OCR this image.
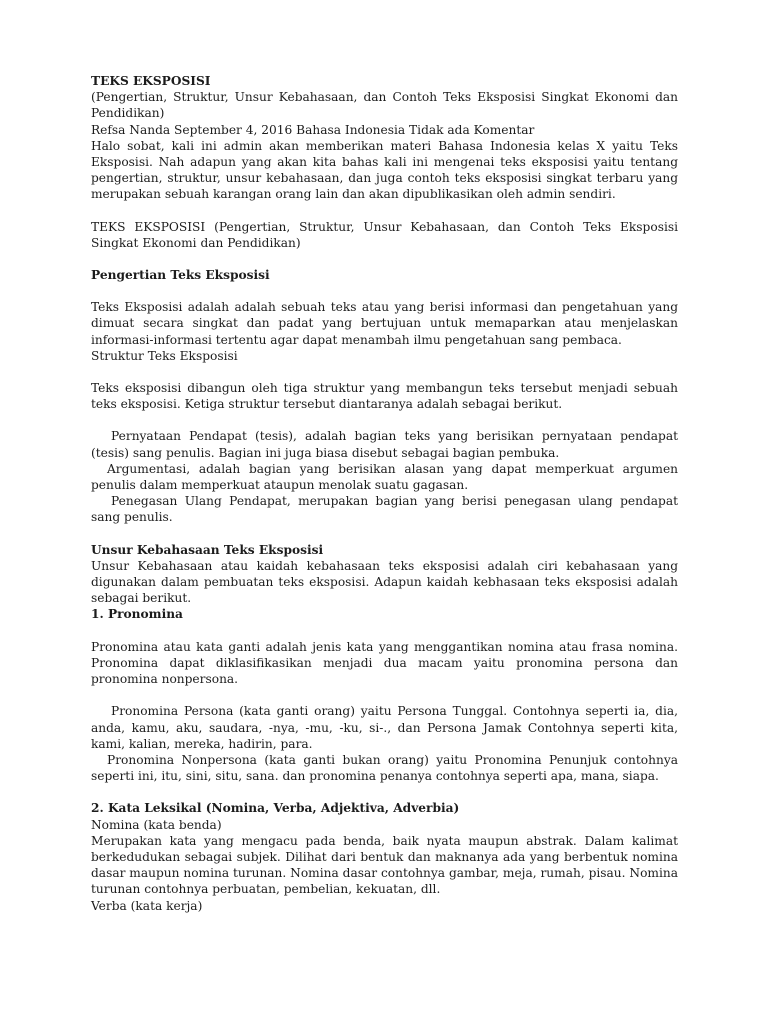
TEKS EKSPOSISI

(Pengertian, Struktur, Unsur Kebahasaan, dan Contoh Teks Eksposisi Singkat Ekonomi dan Pendidikan)

Refsa Nanda September 4, 2016 Bahasa Indonesia Tidak ada Komentar

Halo sobat, kali ini admin akan memberikan materi Bahasa Indonesia kelas X yaitu Teks Eksposisi. Nah adapun yang akan kita bahas kali ini mengenai teks eksposisi yaitu tentang pengertian, struktur, unsur kebahasaan, dan juga contoh teks eksposisi singkat terbaru yang merupakan sebuah karangan orang lain dan akan dipublikasikan oleh admin sendiri.

TEKS EKSPOSISI (Pengertian, Struktur, Unsur Kebahasaan, dan Contoh Teks Eksposisi Singkat Ekonomi dan Pendidikan)

Pengertian Teks Eksposisi

Teks Eksposisi adalah adalah sebuah teks atau yang berisi informasi dan pengetahuan yang dimuat secara singkat dan padat yang bertujuan untuk memaparkan atau menjelaskan informasi-informasi tertentu agar dapat menambah ilmu pengetahuan sang pembaca.

Struktur Teks Eksposisi

Teks eksposisi dibangun oleh tiga struktur yang membangun teks tersebut menjadi sebuah teks eksposisi. Ketiga struktur tersebut diantaranya adalah sebagai berikut.

Pernyataan Pendapat (tesis), adalah bagian teks yang berisikan pernyataan pendapat (tesis) sang penulis. Bagian ini juga biasa disebut sebagai bagian pembuka.

Argumentasi, adalah bagian yang berisikan alasan yang dapat memperkuat argumen penulis dalam memperkuat ataupun menolak suatu gagasan.

Penegasan Ulang Pendapat, merupakan bagian yang berisi penegasan ulang pendapat sang penulis.

Unsur Kebahasaan Teks Eksposisi

Unsur Kebahasaan atau kaidah kebahasaan teks eksposisi adalah ciri kebahasaan yang digunakan dalam pembuatan teks eksposisi. Adapun kaidah kebhasaan teks eksposisi adalah sebagai berikut.

1. Pronomina

Pronomina atau kata ganti adalah jenis kata yang menggantikan nomina atau frasa nomina. Pronomina dapat diklasifikasikan menjadi dua macam yaitu pronomina persona dan pronomina nonpersona.

Pronomina Persona (kata ganti orang) yaitu Persona Tunggal. Contohnya seperti ia, dia, anda, kamu, aku, saudara, -nya, -mu, -ku, si-., dan Persona Jamak Contohnya seperti kita, kami, kalian, mereka, hadirin, para.

Pronomina Nonpersona (kata ganti bukan orang) yaitu Pronomina Penunjuk contohnya seperti ini, itu, sini, situ, sana. dan pronomina penanya contohnya seperti apa, mana, siapa.

2. Kata Leksikal (Nomina, Verba, Adjektiva, Adverbia)

Nomina (kata benda)

Merupakan kata yang mengacu pada benda, baik nyata maupun abstrak. Dalam kalimat berkedudukan sebagai subjek. Dilihat dari bentuk dan maknanya ada yang berbentuk nomina dasar maupun nomina turunan. Nomina dasar contohnya gambar, meja, rumah, pisau. Nomina turunan contohnya perbuatan, pembelian, kekuatan, dll.

Verba (kata kerja)
